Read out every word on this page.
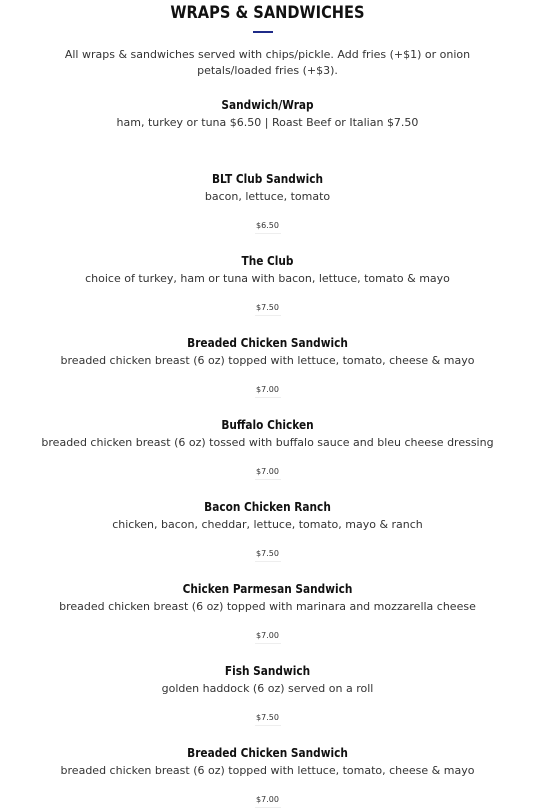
WRAPS & SANDWICHES
All wraps & sandwiches served with chips/pickle. Add fries (+$1) or onion petals/loaded fries (+$3).
Sandwich/Wrap
ham, turkey or tuna $6.50 | Roast Beef or Italian $7.50
BLT Club Sandwich
bacon, lettuce, tomato
$6.50
The Club
choice of turkey, ham or tuna with bacon, lettuce, tomato & mayo
$7.50
Breaded Chicken Sandwich
breaded chicken breast (6 oz) topped with lettuce, tomato, cheese & mayo
$7.00
Buffalo Chicken
breaded chicken breast (6 oz) tossed with buffalo sauce and bleu cheese dressing
$7.00
Bacon Chicken Ranch
chicken, bacon, cheddar, lettuce, tomato, mayo & ranch
$7.50
Chicken Parmesan Sandwich
breaded chicken breast (6 oz) topped with marinara and mozzarella cheese
$7.00
Fish Sandwich
golden haddock (6 oz) served on a roll
$7.50
Breaded Chicken Sandwich
breaded chicken breast (6 oz) topped with lettuce, tomato, cheese & mayo
$7.00
